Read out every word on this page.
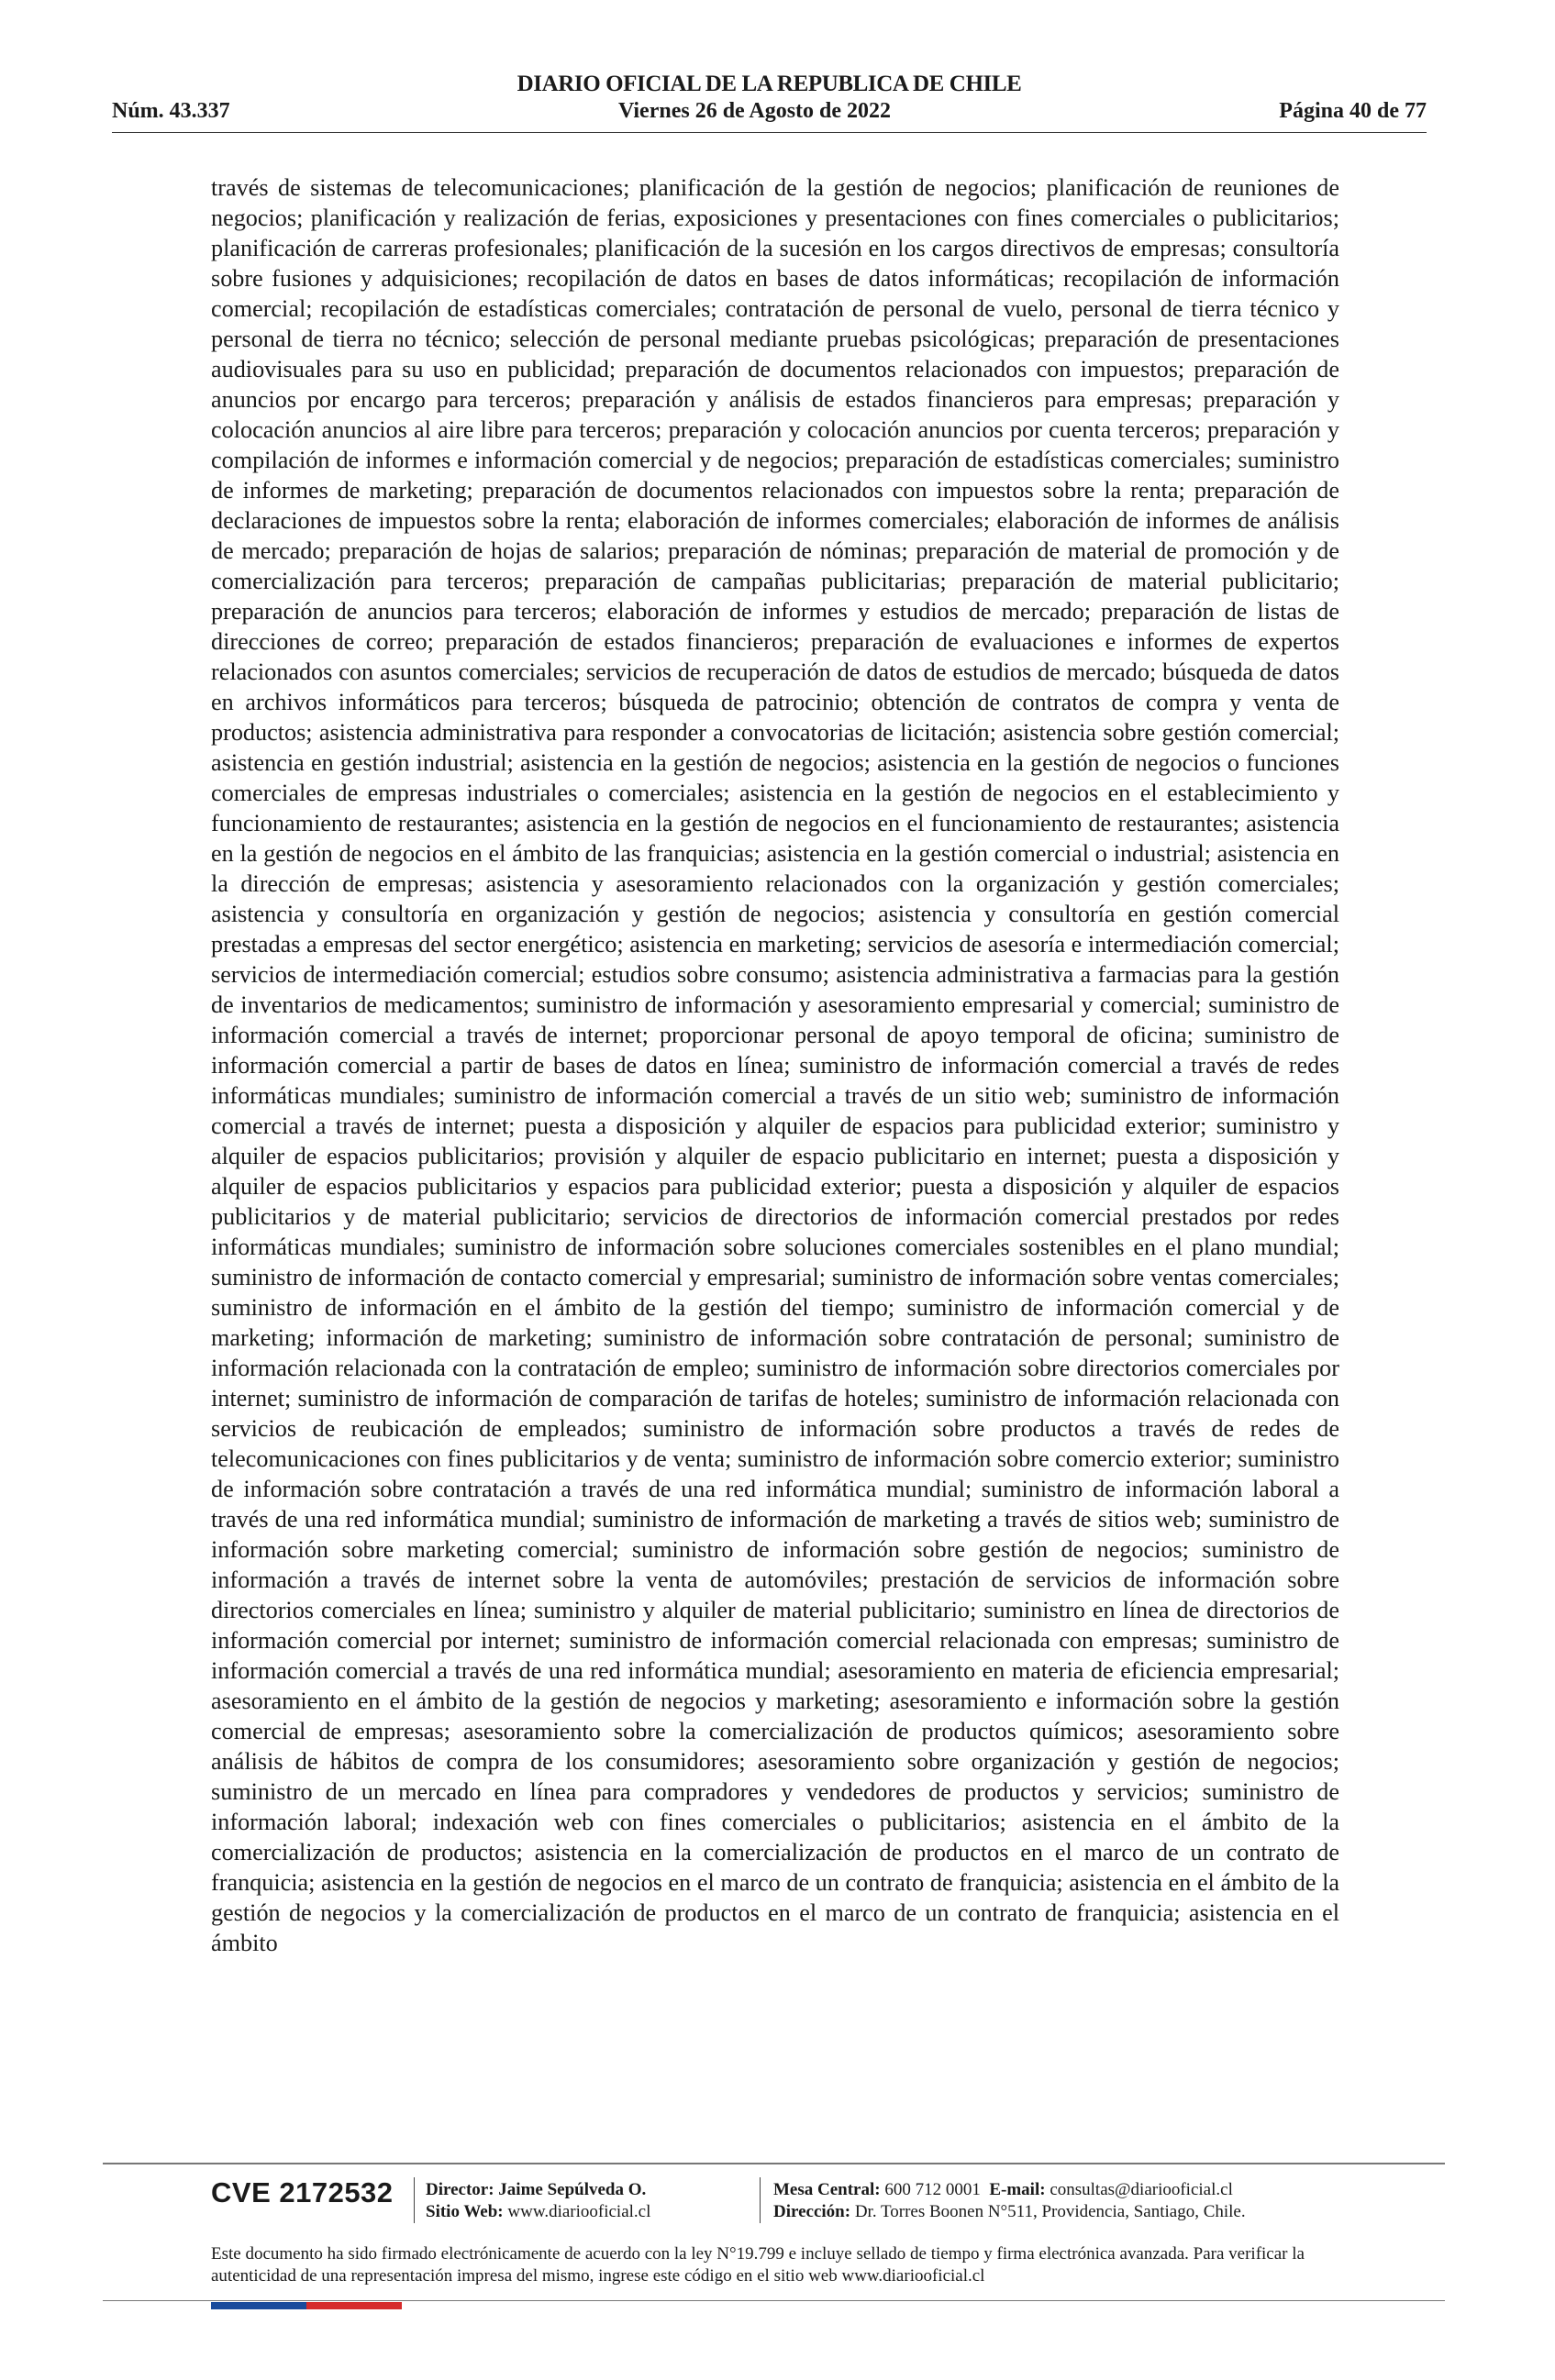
DIARIO OFICIAL DE LA REPUBLICA DE CHILE
Núm. 43.337	Viernes 26 de Agosto de 2022	Página 40 de 77
través de sistemas de telecomunicaciones; planificación de la gestión de negocios; planificación de reuniones de negocios; planificación y realización de ferias, exposiciones y presentaciones con fines comerciales o publicitarios; planificación de carreras profesionales; planificación de la sucesión en los cargos directivos de empresas; consultoría sobre fusiones y adquisiciones; recopilación de datos en bases de datos informáticas; recopilación de información comercial; recopilación de estadísticas comerciales; contratación de personal de vuelo, personal de tierra técnico y personal de tierra no técnico; selección de personal mediante pruebas psicológicas; preparación de presentaciones audiovisuales para su uso en publicidad; preparación de documentos relacionados con impuestos; preparación de anuncios por encargo para terceros; preparación y análisis de estados financieros para empresas; preparación y colocación anuncios al aire libre para terceros; preparación y colocación anuncios por cuenta terceros; preparación y compilación de informes e información comercial y de negocios; preparación de estadísticas comerciales; suministro de informes de marketing; preparación de documentos relacionados con impuestos sobre la renta; preparación de declaraciones de impuestos sobre la renta; elaboración de informes comerciales; elaboración de informes de análisis de mercado; preparación de hojas de salarios; preparación de nóminas; preparación de material de promoción y de comercialización para terceros; preparación de campañas publicitarias; preparación de material publicitario; preparación de anuncios para terceros; elaboración de informes y estudios de mercado; preparación de listas de direcciones de correo; preparación de estados financieros; preparación de evaluaciones e informes de expertos relacionados con asuntos comerciales; servicios de recuperación de datos de estudios de mercado; búsqueda de datos en archivos informáticos para terceros; búsqueda de patrocinio; obtención de contratos de compra y venta de productos; asistencia administrativa para responder a convocatorias de licitación; asistencia sobre gestión comercial; asistencia en gestión industrial; asistencia en la gestión de negocios; asistencia en la gestión de negocios o funciones comerciales de empresas industriales o comerciales; asistencia en la gestión de negocios en el establecimiento y funcionamiento de restaurantes; asistencia en la gestión de negocios en el funcionamiento de restaurantes; asistencia en la gestión de negocios en el ámbito de las franquicias; asistencia en la gestión comercial o industrial; asistencia en la dirección de empresas; asistencia y asesoramiento relacionados con la organización y gestión comerciales; asistencia y consultoría en organización y gestión de negocios; asistencia y consultoría en gestión comercial prestadas a empresas del sector energético; asistencia en marketing; servicios de asesoría e intermediación comercial; servicios de intermediación comercial; estudios sobre consumo; asistencia administrativa a farmacias para la gestión de inventarios de medicamentos; suministro de información y asesoramiento empresarial y comercial; suministro de información comercial a través de internet; proporcionar personal de apoyo temporal de oficina; suministro de información comercial a partir de bases de datos en línea; suministro de información comercial a través de redes informáticas mundiales; suministro de información comercial a través de un sitio web; suministro de información comercial a través de internet; puesta a disposición y alquiler de espacios para publicidad exterior; suministro y alquiler de espacios publicitarios; provisión y alquiler de espacio publicitario en internet; puesta a disposición y alquiler de espacios publicitarios y espacios para publicidad exterior; puesta a disposición y alquiler de espacios publicitarios y de material publicitario; servicios de directorios de información comercial prestados por redes informáticas mundiales; suministro de información sobre soluciones comerciales sostenibles en el plano mundial; suministro de información de contacto comercial y empresarial; suministro de información sobre ventas comerciales; suministro de información en el ámbito de la gestión del tiempo; suministro de información comercial y de marketing; información de marketing; suministro de información sobre contratación de personal; suministro de información relacionada con la contratación de empleo; suministro de información sobre directorios comerciales por internet; suministro de información de comparación de tarifas de hoteles; suministro de información relacionada con servicios de reubicación de empleados; suministro de información sobre productos a través de redes de telecomunicaciones con fines publicitarios y de venta; suministro de información sobre comercio exterior; suministro de información sobre contratación a través de una red informática mundial; suministro de información laboral a través de una red informática mundial; suministro de información de marketing a través de sitios web; suministro de información sobre marketing comercial; suministro de información sobre gestión de negocios; suministro de información a través de internet sobre la venta de automóviles; prestación de servicios de información sobre directorios comerciales en línea; suministro y alquiler de material publicitario; suministro en línea de directorios de información comercial por internet; suministro de información comercial relacionada con empresas; suministro de información comercial a través de una red informática mundial; asesoramiento en materia de eficiencia empresarial; asesoramiento en el ámbito de la gestión de negocios y marketing; asesoramiento e información sobre la gestión comercial de empresas; asesoramiento sobre la comercialización de productos químicos; asesoramiento sobre análisis de hábitos de compra de los consumidores; asesoramiento sobre organización y gestión de negocios; suministro de un mercado en línea para compradores y vendedores de productos y servicios; suministro de información laboral; indexación web con fines comerciales o publicitarios; asistencia en el ámbito de la comercialización de productos; asistencia en la comercialización de productos en el marco de un contrato de franquicia; asistencia en la gestión de negocios en el marco de un contrato de franquicia; asistencia en el ámbito de la gestión de negocios y la comercialización de productos en el marco de un contrato de franquicia; asistencia en el ámbito
CVE 2172532 Director: Jaime Sepúlveda O.
Sitio Web: www.diariooficial.cl
Mesa Central: 600 712 0001 E-mail: consultas@diariooficial.cl
Dirección: Dr. Torres Boonen N°511, Providencia, Santiago, Chile.
Este documento ha sido firmado electrónicamente de acuerdo con la ley N°19.799 e incluye sellado de tiempo y firma electrónica avanzada. Para verificar la autenticidad de una representación impresa del mismo, ingrese este código en el sitio web www.diariooficial.cl
